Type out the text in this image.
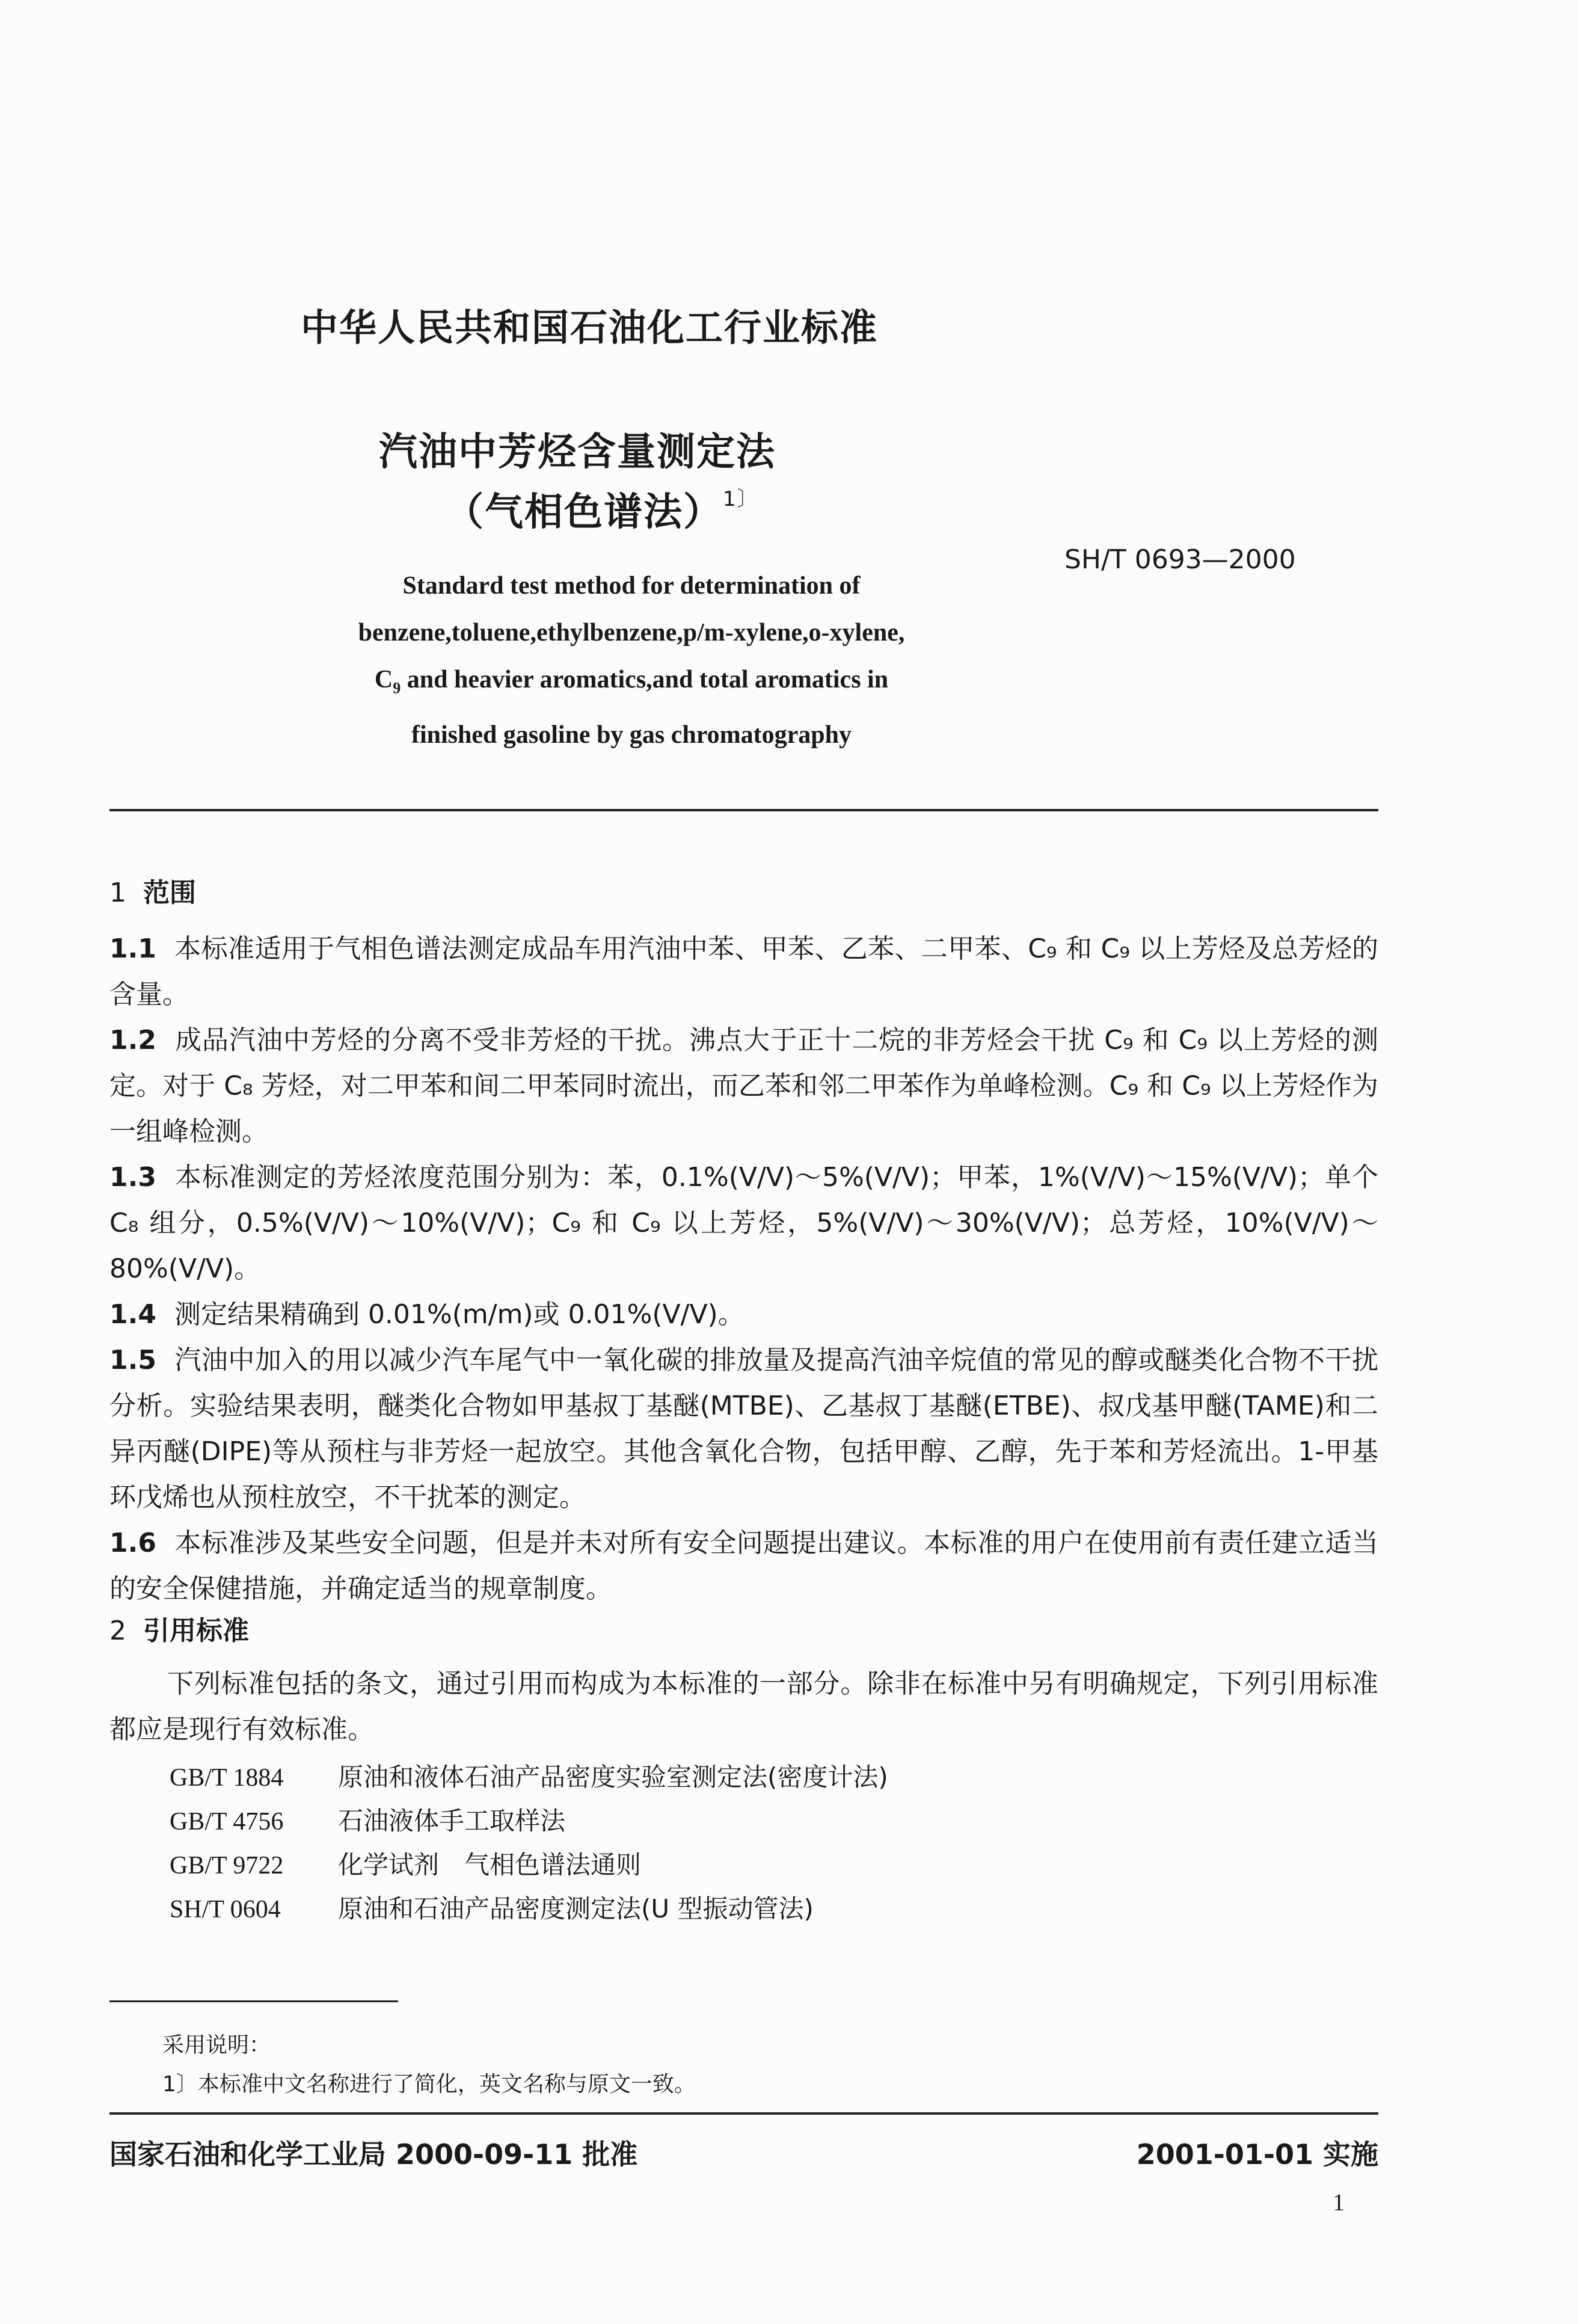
中华人民共和国石油化工行业标准
汽油中芳烃含量测定法
（气相色谱法）$^{1〕}$
SH/T 0693—2000
Standard test method for determination of
benzene,toluene,ethylbenzene,p/m-xylene,o-xylene,
$C_9$ and heavier aromatics,and total aromatics in
finished gasoline by gas chromatography
1 范围
1.1 本标准适用于气相色谱法测定成品车用汽油中苯、甲苯、乙苯、二甲苯、C₉ 和 C₉ 以上芳烃及总芳烃的含量。
1.2 成品汽油中芳烃的分离不受非芳烃的干扰。沸点大于正十二烷的非芳烃会干扰 C₉ 和 C₉ 以上芳烃的测定。对于 C₈ 芳烃，对二甲苯和间二甲苯同时流出，而乙苯和邻二甲苯作为单峰检测。C₉ 和 C₉ 以上芳烃作为一组峰检测。
1.3 本标准测定的芳烃浓度范围分别为：苯，0.1%(V/V)～5%(V/V)；甲苯，1%(V/V)～15%(V/V)；单个 C₈ 组分，0.5%(V/V)～10%(V/V)；C₉ 和 C₉ 以上芳烃，5%(V/V)～30%(V/V)；总芳烃，10%(V/V)～80%(V/V)。
1.4 测定结果精确到 0.01%(m/m)或 0.01%(V/V)。
1.5 汽油中加入的用以减少汽车尾气中一氧化碳的排放量及提高汽油辛烷值的常见的醇或醚类化合物不干扰分析。实验结果表明，醚类化合物如甲基叔丁基醚(MTBE)、乙基叔丁基醚(ETBE)、叔戊基甲醚(TAME)和二异丙醚(DIPE)等从预柱与非芳烃一起放空。其他含氧化合物，包括甲醇、乙醇，先于苯和芳烃流出。1-甲基环戊烯也从预柱放空，不干扰苯的测定。
1.6 本标准涉及某些安全问题，但是并未对所有安全问题提出建议。本标准的用户在使用前有责任建立适当的安全保健措施，并确定适当的规章制度。
2 引用标准
下列标准包括的条文，通过引用而构成为本标准的一部分。除非在标准中另有明确规定，下列引用标准都应是现行有效标准。
GB/T 1884 原油和液体石油产品密度实验室测定法(密度计法)
GB/T 4756 石油液体手工取样法
GB/T 9722 化学试剂　气相色谱法通则
SH/T 0604 原油和石油产品密度测定法(U 型振动管法)
采用说明：
1〕本标准中文名称进行了简化，英文名称与原文一致。
国家石油和化学工业局 2000-09-11 批准	2001-01-01 实施
1
